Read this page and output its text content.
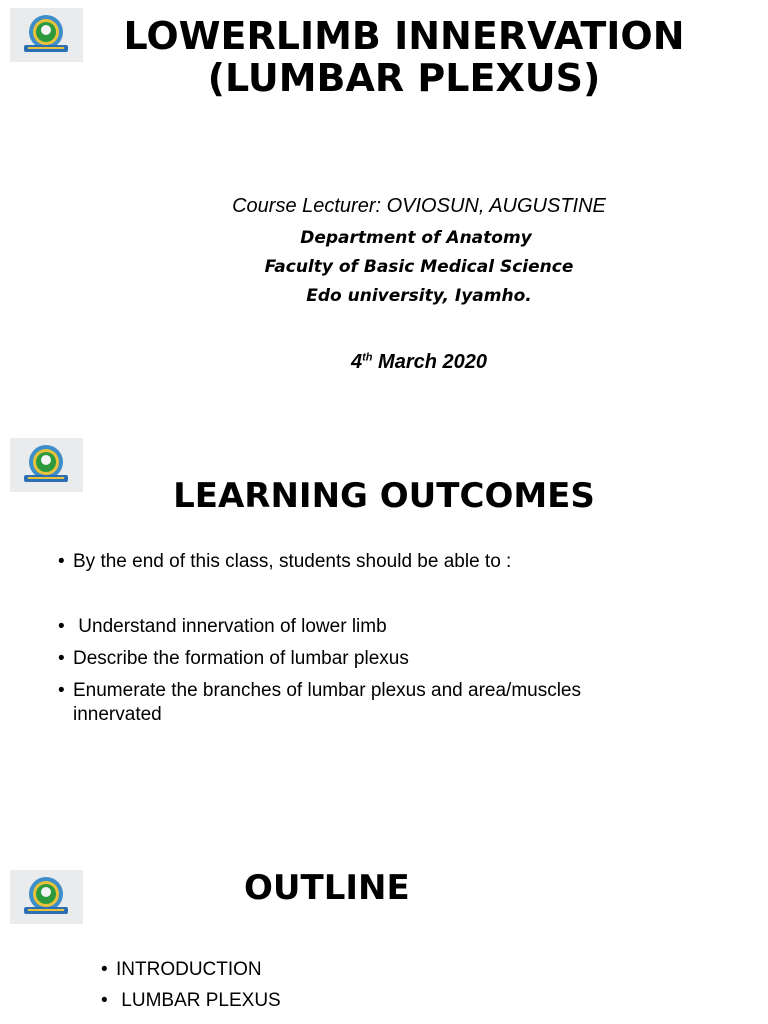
LOWERLIMB INNERVATION
(LUMBAR PLEXUS)
Course Lecturer: OVIOSUN, AUGUSTINE
Department of Anatomy
Faculty of Basic Medical Science
Edo university, Iyamho.
4th March 2020
LEARNING OUTCOMES
• By the end of this class, students should be able to :
• Understand innervation of lower limb
• Describe the formation of lumbar plexus
• Enumerate the branches of lumbar plexus and area/muscles innervated
OUTLINE
• INTRODUCTION
• LUMBAR PLEXUS
